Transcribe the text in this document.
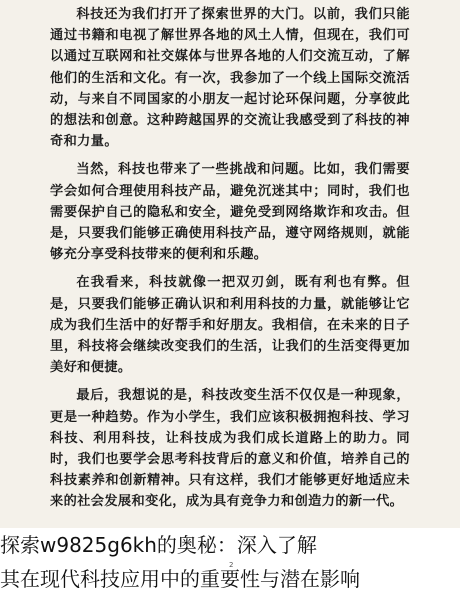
科技还为我们打开了探索世界的大门。以前，我们只能通过书籍和电视了解世界各地的风土人情，但现在，我们可以通过互联网和社交媒体与世界各地的人们交流互动，了解他们的生活和文化。有一次，我参加了一个线上国际交流活动，与来自不同国家的小朋友一起讨论环保问题，分享彼此的想法和创意。这种跨越国界的交流让我感受到了科技的神奇和力量。

当然，科技也带来了一些挑战和问题。比如，我们需要学会如何合理使用科技产品，避免沉迷其中；同时，我们也需要保护自己的隐私和安全，避免受到网络欺诈和攻击。但是，只要我们能够正确使用科技产品，遵守网络规则，就能够充分享受科技带来的便利和乐趣。

在我看来，科技就像一把双刃剑，既有利也有弊。但是，只要我们能够正确认识和利用科技的力量，就能够让它成为我们生活中的好帮手和好朋友。我相信，在未来的日子里，科技将会继续改变我们的生活，让我们的生活变得更加美好和便捷。

最后，我想说的是，科技改变生活不仅仅是一种现象，更是一种趋势。作为小学生，我们应该积极拥抱科技、学习科技、利用科技，让科技成为我们成长道路上的助力。同时，我们也要学会思考科技背后的意义和价值，培养自己的科技素养和创新精神。只有这样，我们才能够更好地适应未来的社会发展和变化，成为具有竞争力和创造力的新一代。

探索w9825g6kh的奥秘：深入了解
其在现代科技应用中的重要性与潜在影响
2
